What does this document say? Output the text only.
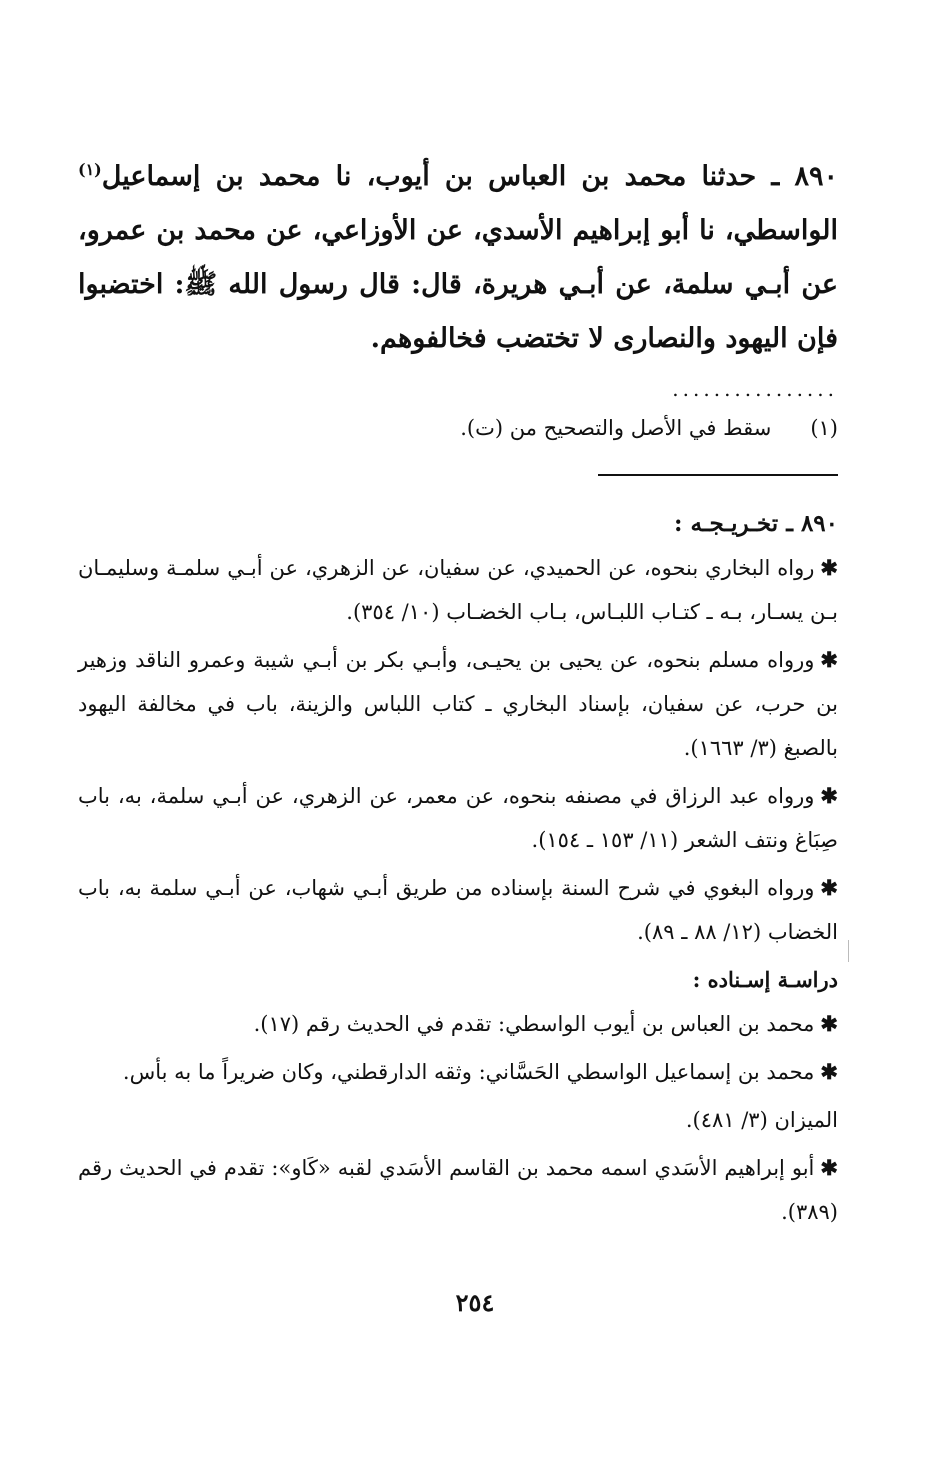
٨٩٠ ـ حدثنا محمد بن العباس بن أيوب، نا محمد بن إسماعيل$^{(١)}$ الواسطي، نا أبو إبراهيم الأسدي، عن الأوزاعي، عن محمد بن عمرو، عن أبـي سلمة، عن أبـي هريرة، قال: قال رسول الله ﷺ: اختضبوا فإن اليهود والنصارى لا تختضب فخالفوهم.

................

(١) سقط في الأصل والتصحيح من (ت).

٨٩٠ ـ تخـريـجـه :

✱رواه البخاري بنحوه، عن الحميدي، عن سفيان، عن الزهري، عن أبـي سلمـة وسليمـان بـن يسـار، بـه ـ كتـاب اللبـاس، بـاب الخضـاب (١٠/ ٣٥٤).

✱ورواه مسلم بنحوه، عن يحيى بن يحيـى، وأبـي بكر بن أبـي شيبة وعمرو الناقد وزهير بن حرب، عن سفيان، بإسناد البخاري ـ كتاب اللباس والزينة، باب في مخالفة اليهود بالصبغ (٣/ ١٦٦٣).

✱ورواه عبد الرزاق في مصنفه بنحوه، عن معمر، عن الزهري، عن أبـي سلمة، به، باب صِبَاغ ونتف الشعر (١١/ ١٥٣ ـ ١٥٤).

✱ورواه البغوي في شرح السنة بإسناده من طريق أبـي شهاب، عن أبـي سلمة به، باب الخضاب (١٢/ ٨٨ ـ ٨٩).

دراسـة إسـناده :

✱محمد بن العباس بن أيوب الواسطي: تقدم في الحديث رقم (١٧).

✱محمد بن إسماعيل الواسطي الحَسَّاني: وثقه الدارقطني، وكان ضريراً ما به بأس.

الميزان (٣/ ٤٨١).

✱أبو إبراهيم الأسَدي اسمه محمد بن القاسم الأسَدي لقبه «كَاو»: تقدم في الحديث رقم (٣٨٩).

٢٥٤
